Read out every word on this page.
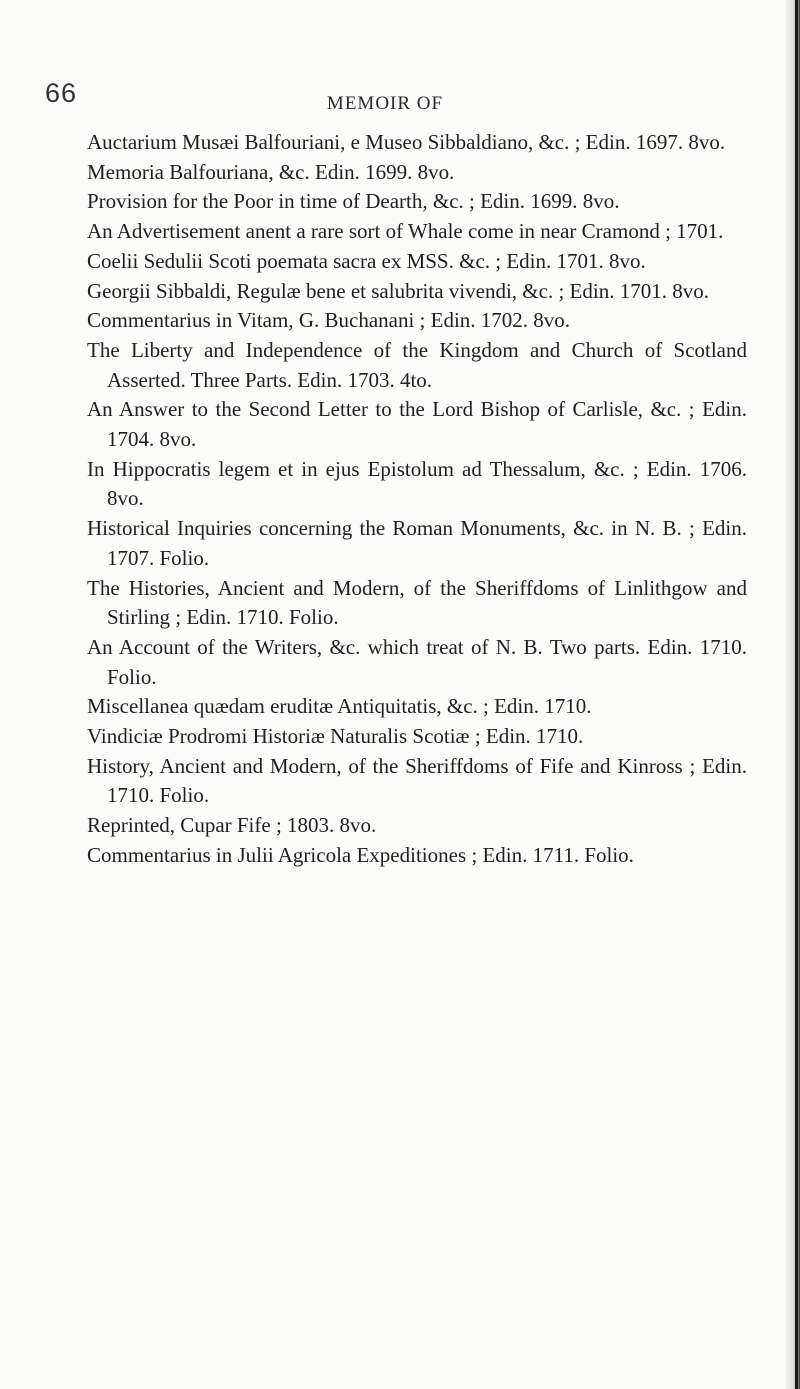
66	MEMOIR OF
Auctarium Musæi Balfouriani, e Museo Sibbaldiano, &c. ; Edin. 1697. 8vo.
Memoria Balfouriana, &c. Edin. 1699. 8vo.
Provision for the Poor in time of Dearth, &c. ; Edin. 1699. 8vo.
An Advertisement anent a rare sort of Whale come in near Cramond ; 1701.
Coelii Sedulii Scoti poemata sacra ex MSS. &c. ; Edin. 1701. 8vo.
Georgii Sibbaldi, Regulæ bene et salubrita vivendi, &c. ; Edin. 1701. 8vo.
Commentarius in Vitam, G. Buchanani ; Edin. 1702. 8vo.
The Liberty and Independence of the Kingdom and Church of Scotland Asserted. Three Parts. Edin. 1703. 4to.
An Answer to the Second Letter to the Lord Bishop of Carlisle, &c. ; Edin. 1704. 8vo.
In Hippocratis legem et in ejus Epistolum ad Thessalum, &c. ; Edin. 1706. 8vo.
Historical Inquiries concerning the Roman Monuments, &c. in N. B. ; Edin. 1707. Folio.
The Histories, Ancient and Modern, of the Sheriffdoms of Linlithgow and Stirling ; Edin. 1710. Folio.
An Account of the Writers, &c. which treat of N. B. Two parts. Edin. 1710. Folio.
Miscellanea quædam eruditæ Antiquitatis, &c. ; Edin. 1710.
Vindiciæ Prodromi Historiæ Naturalis Scotiæ ; Edin. 1710.
History, Ancient and Modern, of the Sheriffdoms of Fife and Kinross ; Edin. 1710. Folio.
Reprinted, Cupar Fife ; 1803. 8vo.
Commentarius in Julii Agricola Expeditiones ; Edin. 1711. Folio.
